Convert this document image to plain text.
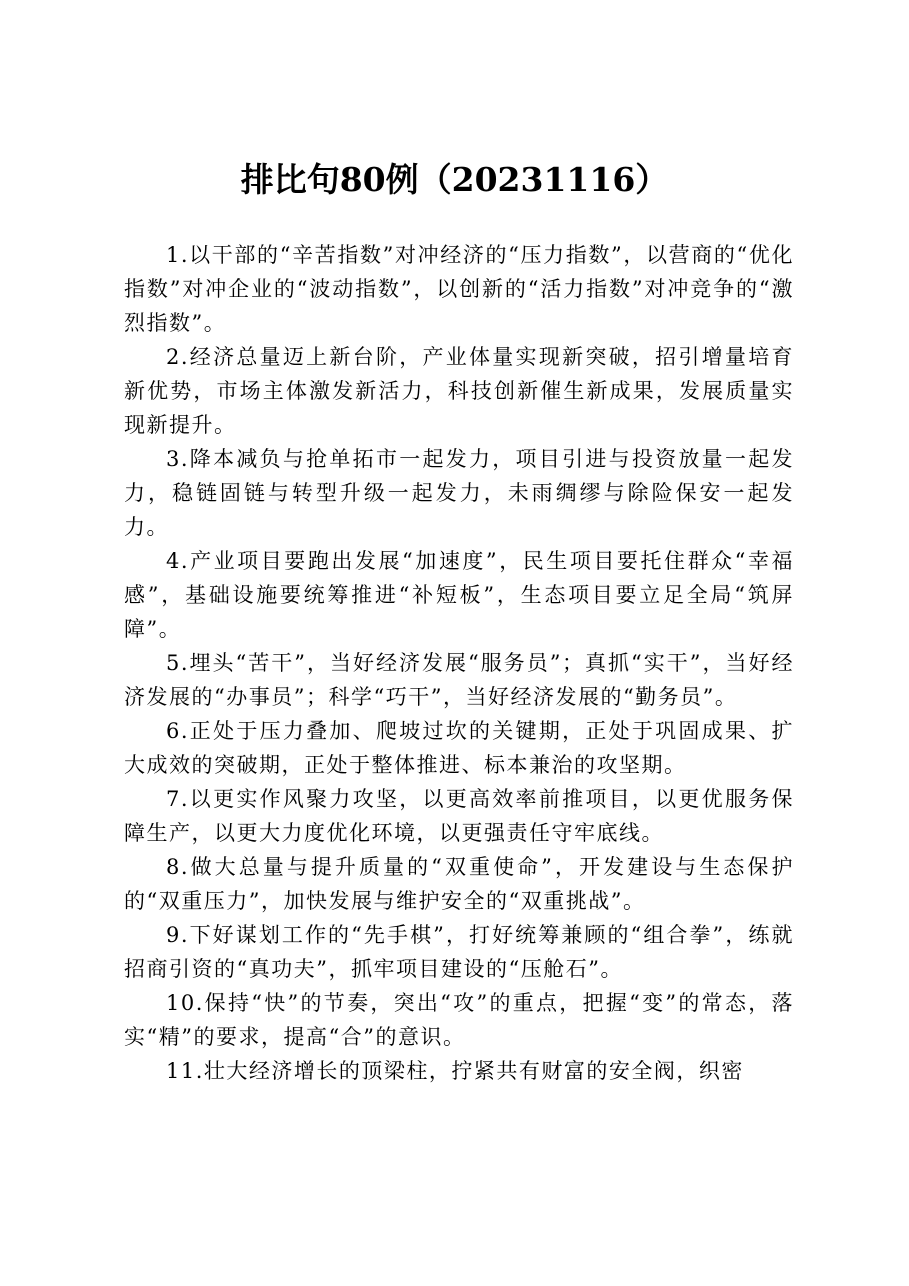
排比句80例（20231116）

1.以干部的“辛苦指数”对冲经济的“压力指数”，以营商的“优化指数”对冲企业的“波动指数”，以创新的“活力指数”对冲竞争的“激烈指数”。

2.经济总量迈上新台阶，产业体量实现新突破，招引增量培育新优势，市场主体激发新活力，科技创新催生新成果，发展质量实现新提升。

3.降本减负与抢单拓市一起发力，项目引进与投资放量一起发力，稳链固链与转型升级一起发力，未雨绸缪与除险保安一起发力。

4.产业项目要跑出发展“加速度”，民生项目要托住群众“幸福感”，基础设施要统筹推进“补短板”，生态项目要立足全局“筑屏障”。

5.埋头“苦干”，当好经济发展“服务员”；真抓“实干”，当好经济发展的“办事员”；科学“巧干”，当好经济发展的“勤务员”。

6.正处于压力叠加、爬坡过坎的关键期，正处于巩固成果、扩大成效的突破期，正处于整体推进、标本兼治的攻坚期。

7.以更实作风聚力攻坚，以更高效率前推项目，以更优服务保障生产，以更大力度优化环境，以更强责任守牢底线。

8.做大总量与提升质量的“双重使命”，开发建设与生态保护的“双重压力”，加快发展与维护安全的“双重挑战”。

9.下好谋划工作的“先手棋”，打好统筹兼顾的“组合拳”，练就招商引资的“真功夫”，抓牢项目建设的“压舱石”。

10.保持“快”的节奏，突出“攻”的重点，把握“变”的常态，落实“精”的要求，提高“合”的意识。

11.壮大经济增长的顶梁柱，拧紧共有财富的安全阀，织密
